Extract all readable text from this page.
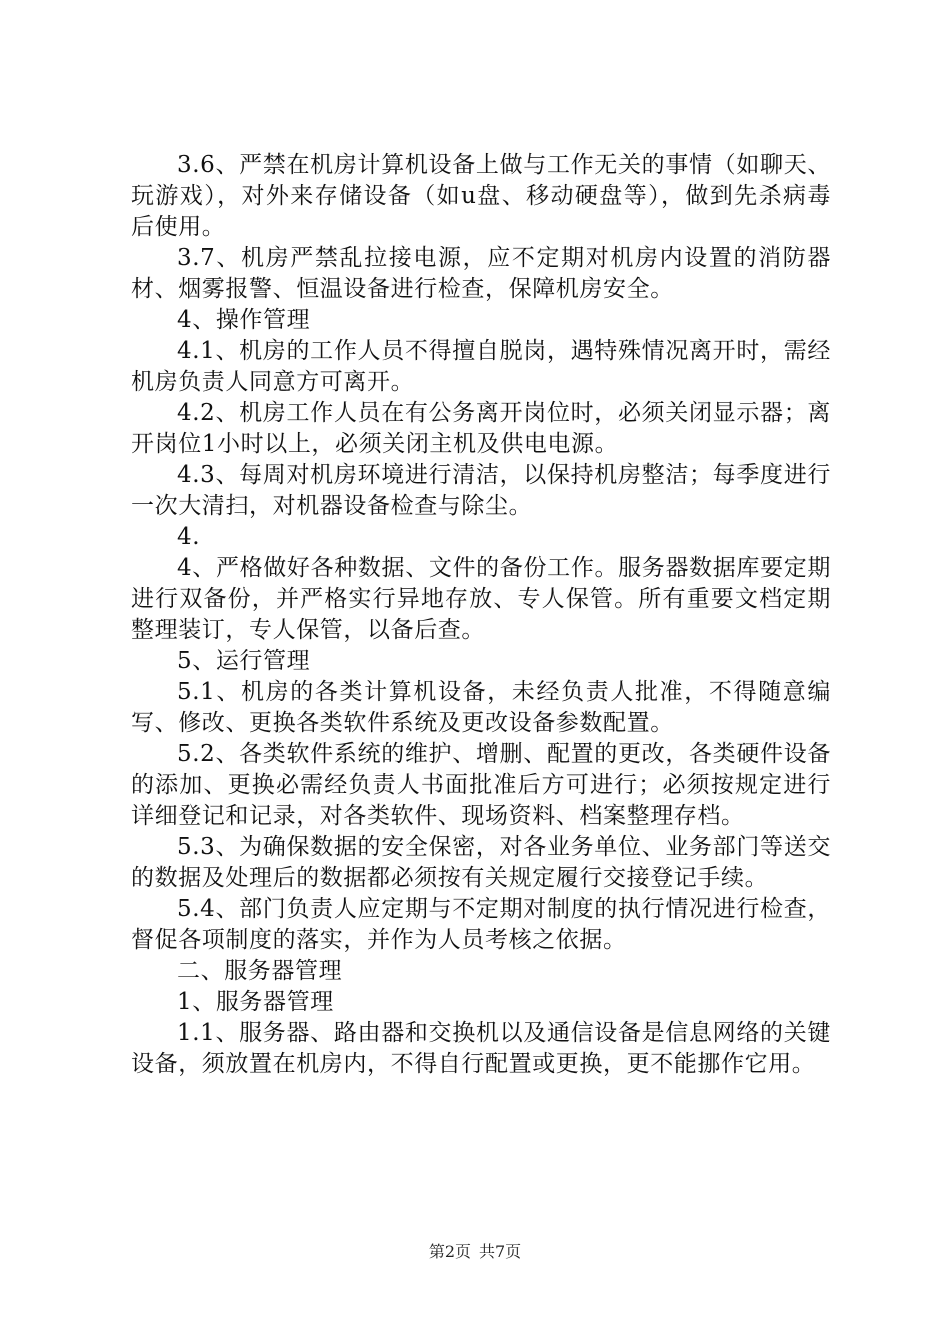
3.6、严禁在机房计算机设备上做与工作无关的事情（如聊天、玩游戏），对外来存储设备（如u盘、移动硬盘等），做到先杀病毒后使用。

3.7、机房严禁乱拉接电源，应不定期对机房内设置的消防器材、烟雾报警、恒温设备进行检查，保障机房安全。

4、操作管理

4.1、机房的工作人员不得擅自脱岗，遇特殊情况离开时，需经机房负责人同意方可离开。

4.2、机房工作人员在有公务离开岗位时，必须关闭显示器；离开岗位1小时以上，必须关闭主机及供电电源。

4.3、每周对机房环境进行清洁，以保持机房整洁；每季度进行一次大清扫，对机器设备检查与除尘。

4.

4、严格做好各种数据、文件的备份工作。服务器数据库要定期进行双备份，并严格实行异地存放、专人保管。所有重要文档定期整理装订，专人保管，以备后查。

5、运行管理

5.1、机房的各类计算机设备，未经负责人批准，不得随意编写、修改、更换各类软件系统及更改设备参数配置。

5.2、各类软件系统的维护、增删、配置的更改，各类硬件设备的添加、更换必需经负责人书面批准后方可进行；必须按规定进行详细登记和记录，对各类软件、现场资料、档案整理存档。

5.3、为确保数据的安全保密，对各业务单位、业务部门等送交的数据及处理后的数据都必须按有关规定履行交接登记手续。

5.4、部门负责人应定期与不定期对制度的执行情况进行检查，督促各项制度的落实，并作为人员考核之依据。

二、服务器管理

1、服务器管理

1.1、服务器、路由器和交换机以及通信设备是信息网络的关键设备，须放置在机房内，不得自行配置或更换，更不能挪作它用。

第2页 共7页
